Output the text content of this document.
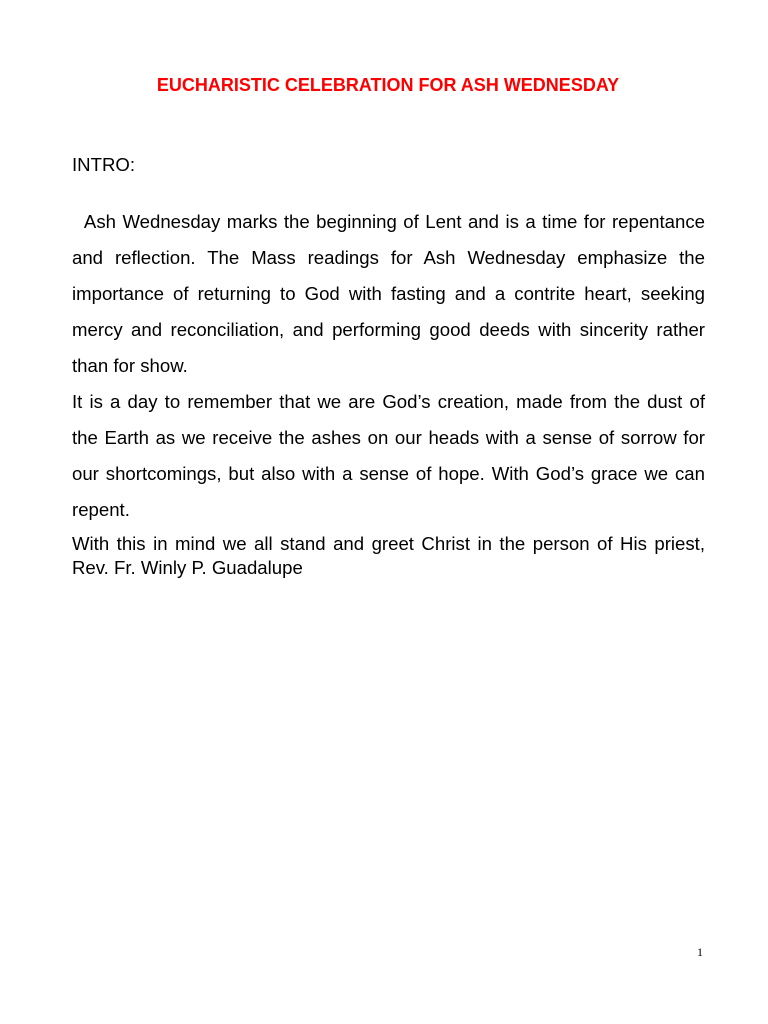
EUCHARISTIC CELEBRATION FOR ASH WEDNESDAY
INTRO:

Ash Wednesday marks the beginning of Lent and is a time for repentance and reflection. The Mass readings for Ash Wednesday emphasize the importance of returning to God with fasting and a contrite heart, seeking mercy and reconciliation, and performing good deeds with sincerity rather than for show.

It is a day to remember that we are God’s creation, made from the dust of the Earth as we receive the ashes on our heads with a sense of sorrow for our shortcomings, but also with a sense of hope. With God’s grace we can repent.

With this in mind we all stand and greet Christ in the person of His priest, Rev. Fr. Winly P. Guadalupe

1
